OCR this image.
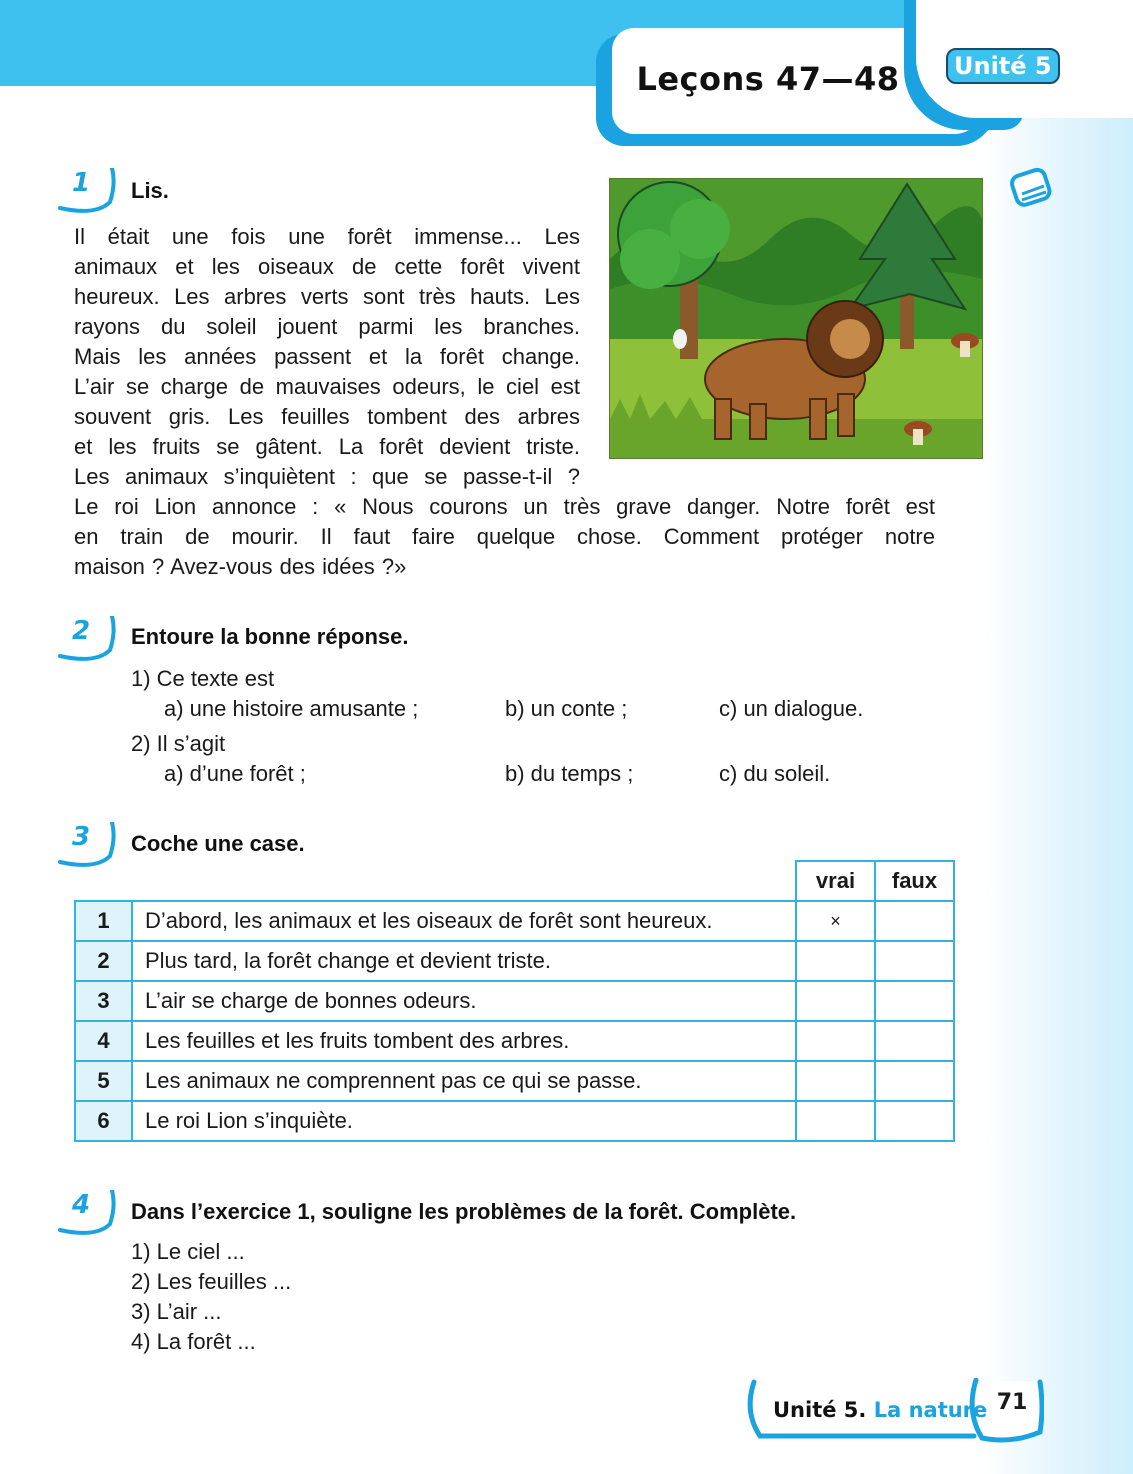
Leçons 47—48	Unité 5
1 Lis.
Il était une fois une forêt immense... Les
animaux et les oiseaux de cette forêt vivent
heureux. Les arbres verts sont très hauts. Les
rayons du soleil jouent parmi les branches.
Mais les années passent et la forêt change.
L’air se charge de mauvaises odeurs, le ciel est
souvent gris. Les feuilles tombent des arbres
et les fruits se gâtent. La forêt devient triste.
Les animaux s’inquiètent : que se passe-t-il ?
Le roi Lion annonce : « Nous courons un très grave danger. Notre forêt est
en train de mourir. Il faut faire quelque chose. Comment protéger notre
maison ? Avez-vous des idées ?»
2 Entoure la bonne réponse.
1) Ce texte est
a) une histoire amusante ;	b) un conte ;	c) un dialogue.
2) Il s’agit
a) d’une forêt ;	b) du temps ;	c) du soleil.
3 Coche une case.
		vrai	faux
1	D’abord, les animaux et les oiseaux de forêt sont heureux.	×	
2	Plus tard, la forêt change et devient triste.		
3	L’air se charge de bonnes odeurs.		
4	Les feuilles et les fruits tombent des arbres.		
5	Les animaux ne comprennent pas ce qui se passe.		
6	Le roi Lion s’inquiète.		
4 Dans l’exercice 1, souligne les problèmes de la forêt. Complète.
1) Le ciel ...
2) Les feuilles ...
3) L’air ...
4) La forêt ...
Unité 5. La nature 71
